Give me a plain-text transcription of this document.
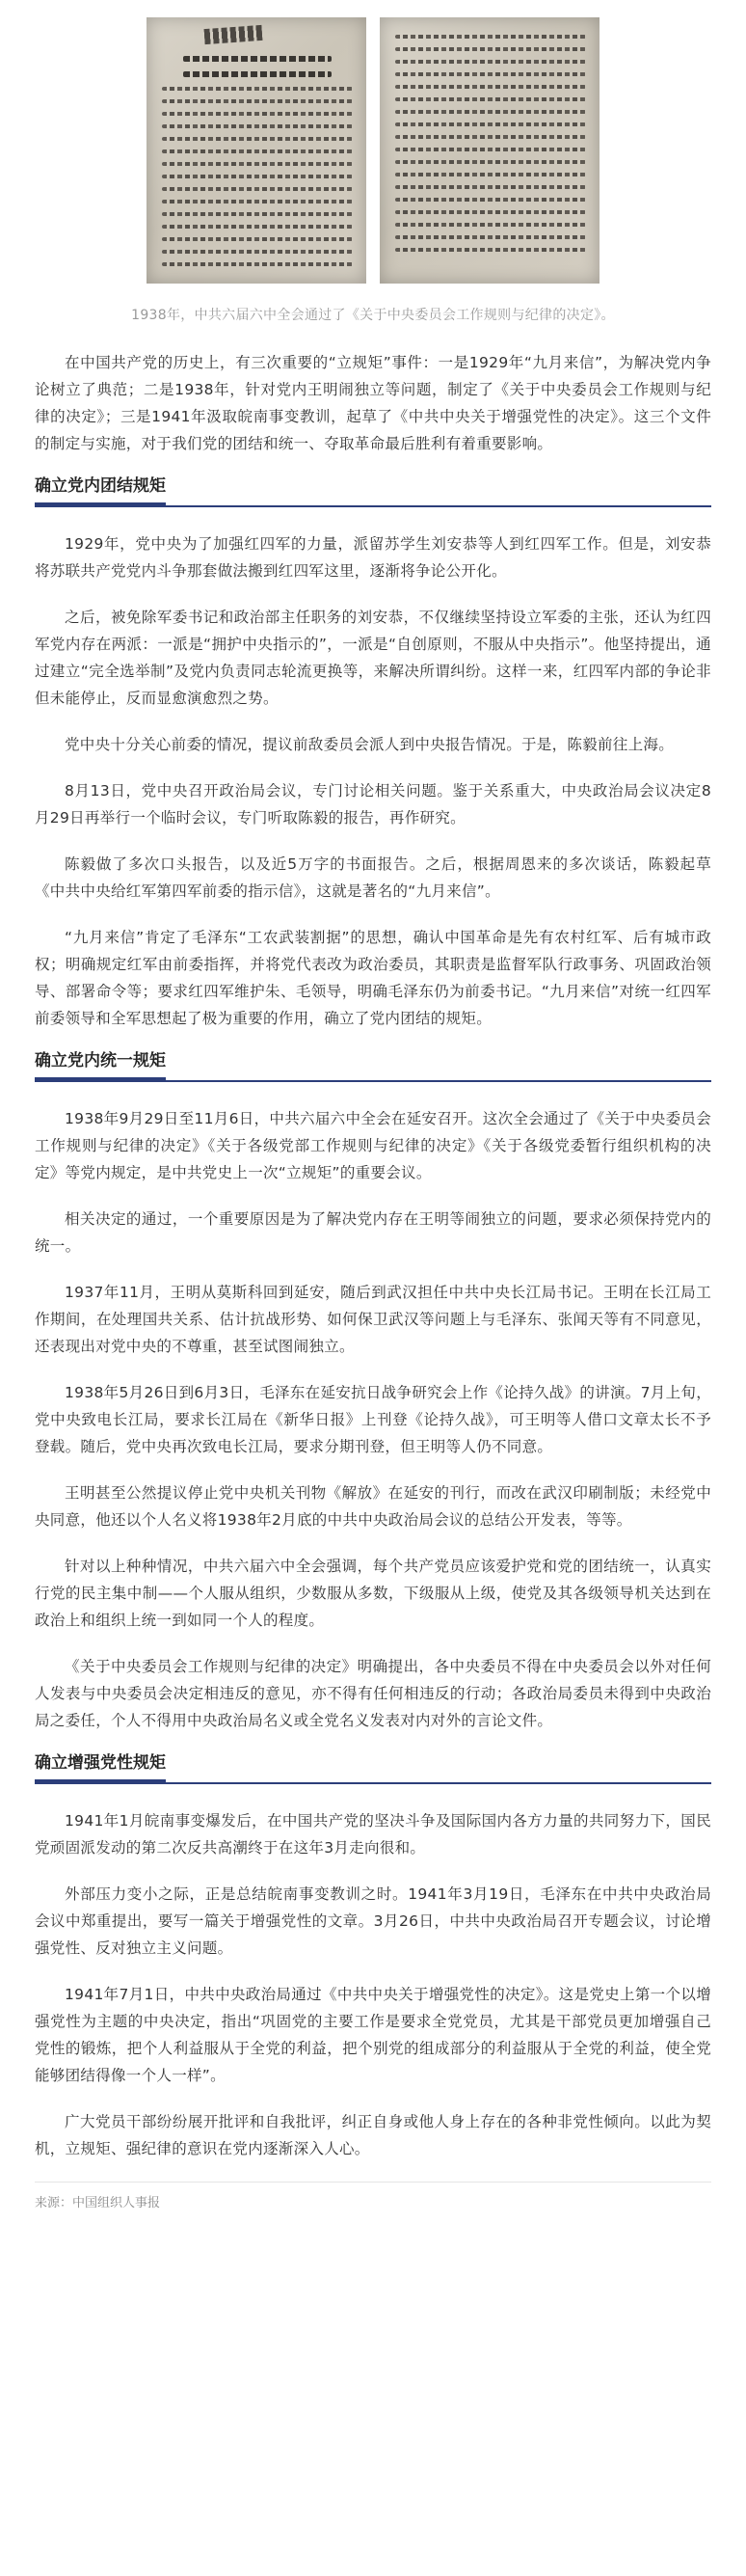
1938年，中共六届六中全会通过了《关于中央委员会工作规则与纪律的决定》。

在中国共产党的历史上，有三次重要的“立规矩”事件：一是1929年“九月来信”，为解决党内争论树立了典范；二是1938年，针对党内王明闹独立等问题，制定了《关于中央委员会工作规则与纪律的决定》；三是1941年汲取皖南事变教训，起草了《中共中央关于增强党性的决定》。这三个文件的制定与实施，对于我们党的团结和统一、夺取革命最后胜利有着重要影响。

确立党内团结规矩

1929年，党中央为了加强红四军的力量，派留苏学生刘安恭等人到红四军工作。但是，刘安恭将苏联共产党党内斗争那套做法搬到红四军这里，逐渐将争论公开化。

之后，被免除军委书记和政治部主任职务的刘安恭，不仅继续坚持设立军委的主张，还认为红四军党内存在两派：一派是“拥护中央指示的”，一派是“自创原则，不服从中央指示”。他坚持提出，通过建立“完全选举制”及党内负责同志轮流更换等，来解决所谓纠纷。这样一来，红四军内部的争论非但未能停止，反而显愈演愈烈之势。

党中央十分关心前委的情况，提议前敌委员会派人到中央报告情况。于是，陈毅前往上海。

8月13日，党中央召开政治局会议，专门讨论相关问题。鉴于关系重大，中央政治局会议决定8月29日再举行一个临时会议，专门听取陈毅的报告，再作研究。

陈毅做了多次口头报告，以及近5万字的书面报告。之后，根据周恩来的多次谈话，陈毅起草《中共中央给红军第四军前委的指示信》，这就是著名的“九月来信”。

“九月来信”肯定了毛泽东“工农武装割据”的思想，确认中国革命是先有农村红军、后有城市政权；明确规定红军由前委指挥，并将党代表改为政治委员，其职责是监督军队行政事务、巩固政治领导、部署命令等；要求红四军维护朱、毛领导，明确毛泽东仍为前委书记。“九月来信”对统一红四军前委领导和全军思想起了极为重要的作用，确立了党内团结的规矩。

确立党内统一规矩

1938年9月29日至11月6日，中共六届六中全会在延安召开。这次全会通过了《关于中央委员会工作规则与纪律的决定》《关于各级党部工作规则与纪律的决定》《关于各级党委暂行组织机构的决定》等党内规定，是中共党史上一次“立规矩”的重要会议。

相关决定的通过，一个重要原因是为了解决党内存在王明等闹独立的问题，要求必须保持党内的统一。

1937年11月，王明从莫斯科回到延安，随后到武汉担任中共中央长江局书记。王明在长江局工作期间，在处理国共关系、估计抗战形势、如何保卫武汉等问题上与毛泽东、张闻天等有不同意见，还表现出对党中央的不尊重，甚至试图闹独立。

1938年5月26日到6月3日，毛泽东在延安抗日战争研究会上作《论持久战》的讲演。7月上旬，党中央致电长江局，要求长江局在《新华日报》上刊登《论持久战》，可王明等人借口文章太长不予登载。随后，党中央再次致电长江局，要求分期刊登，但王明等人仍不同意。

王明甚至公然提议停止党中央机关刊物《解放》在延安的刊行，而改在武汉印刷制版；未经党中央同意，他还以个人名义将1938年2月底的中共中央政治局会议的总结公开发表，等等。

针对以上种种情况，中共六届六中全会强调，每个共产党员应该爱护党和党的团结统一，认真实行党的民主集中制——个人服从组织，少数服从多数，下级服从上级，使党及其各级领导机关达到在政治上和组织上统一到如同一个人的程度。

《关于中央委员会工作规则与纪律的决定》明确提出，各中央委员不得在中央委员会以外对任何人发表与中央委员会决定相违反的意见，亦不得有任何相违反的行动；各政治局委员未得到中央政治局之委任，个人不得用中央政治局名义或全党名义发表对内对外的言论文件。

确立增强党性规矩

1941年1月皖南事变爆发后，在中国共产党的坚决斗争及国际国内各方力量的共同努力下，国民党顽固派发动的第二次反共高潮终于在这年3月走向很和。

外部压力变小之际，正是总结皖南事变教训之时。1941年3月19日，毛泽东在中共中央政治局会议中郑重提出，要写一篇关于增强党性的文章。3月26日，中共中央政治局召开专题会议，讨论增强党性、反对独立主义问题。

1941年7月1日，中共中央政治局通过《中共中央关于增强党性的决定》。这是党史上第一个以增强党性为主题的中央决定，指出“巩固党的主要工作是要求全党党员，尤其是干部党员更加增强自己党性的锻炼，把个人利益服从于全党的利益，把个别党的组成部分的利益服从于全党的利益，使全党能够团结得像一个人一样”。

广大党员干部纷纷展开批评和自我批评，纠正自身或他人身上存在的各种非党性倾向。以此为契机，立规矩、强纪律的意识在党内逐渐深入人心。

来源：中国组织人事报
